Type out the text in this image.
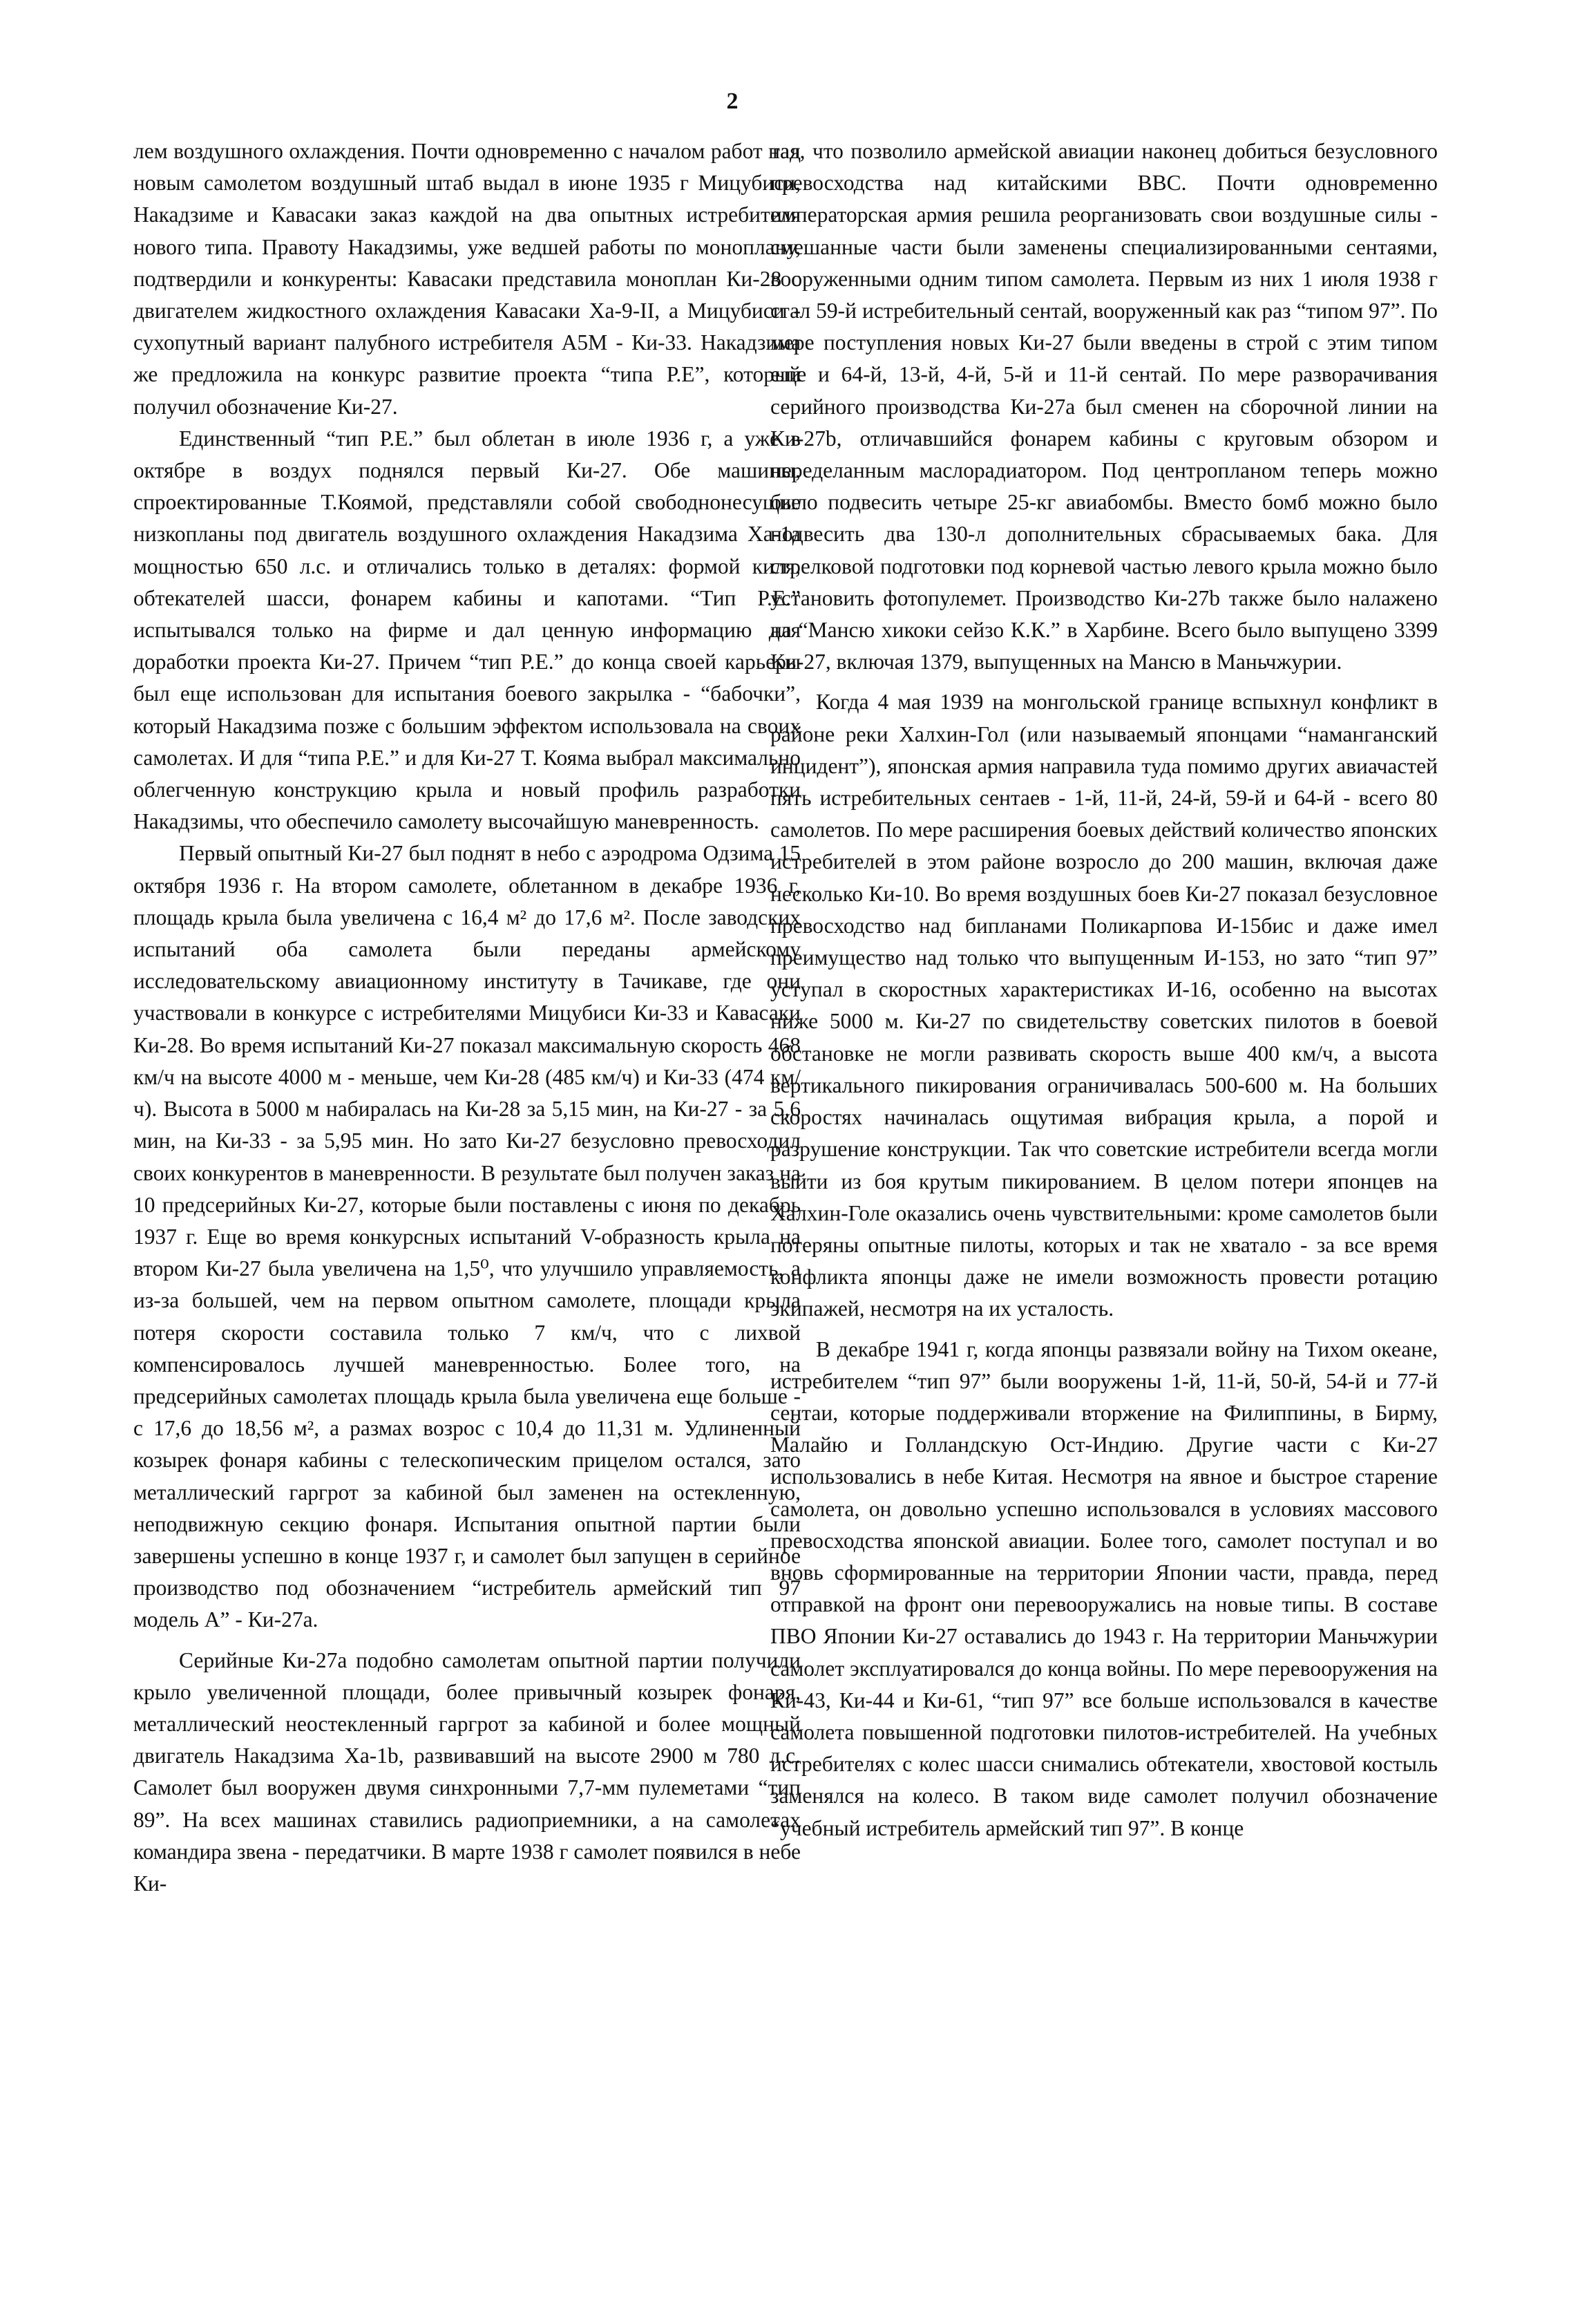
2

лем воздушного охлаждения. Почти одновременно с началом работ над новым самолетом воздушный штаб выдал в июне 1935 г Мицубиси, Накадзиме и Кавасаки заказ каждой на два опытных истребителя нового типа. Правоту Накадзимы, уже ведшей работы по моноплану, подтвердили и конкуренты: Кавасаки представила моноплан Ки-28 с двигателем жидкостного охлаждения Кавасаки Ха-9-II, а Мицубиси - сухопутный вариант палубного истребителя А5М - Ки-33. Накадзима же предложила на конкурс развитие проекта “типа Р.Е”, который получил обозначение Ки-27.

Единственный “тип Р.Е.” был облетан в июле 1936 г, а уже в октябре в воздух поднялся первый Ки-27. Обе машины, спроектированные Т.Коямой, представляли собой свободнонесущие низкопланы под двигатель воздушного охлаждения Накадзима Ха-1а мощностью 650 л.с. и отличались только в деталях: формой киля, обтекателей шасси, фонарем кабины и капотами. “Тип Р.Е.” испытывался только на фирме и дал ценную информацию для доработки проекта Ки-27. Причем “тип Р.Е.” до конца своей карьеры был еще использован для испытания боевого закрылка - “бабочки”, который Накадзима позже с большим эффектом использовала на своих самолетах. И для “типа Р.Е.” и для Ки-27 Т. Коямa выбрал максимально облегченную конструкцию крыла и новый профиль разработки Накадзимы, что обеспечило самолету высочайшую маневренность.

Первый опытный Ки-27 был поднят в небо с аэродрома Одзима 15 октября 1936 г. На втором самолете, облетанном в декабре 1936 г, площадь крыла была увеличена с 16,4 м² до 17,6 м². После заводских испытаний оба самолета были переданы армейскому исследовательскому авиационному институту в Тачикаве, где они участвовали в конкурсе с истребителями Мицубиси Ки-33 и Кавасаки Ки-28. Во время испытаний Ки-27 показал максимальную скорость 468 км/ч на высоте 4000 м - меньше, чем Ки-28 (485 км/ч) и Ки-33 (474 км/ч). Высота в 5000 м набиралась на Ки-28 за 5,15 мин, на Ки-27 - за 5,6 мин, на Ки-33 - за 5,95 мин. Но зато Ки-27 безусловно превосходил своих конкурентов в маневренности. В результате был получен заказ на 10 предсерийных Ки-27, которые были поставлены с июня по декабрь 1937 г. Еще во время конкурсных испытаний V-образность крыла на втором Ки-27 была увеличена на 1,5⁰, что улучшило управляемость, а из-за большей, чем на первом опытном самолете, площади крыла потеря скорости составила только 7 км/ч, что с лихвой компенсировалось лучшей маневренностью. Более того, на предсерийных самолетах площадь крыла была увеличена еще больше - с 17,6 до 18,56 м², а размах возрос с 10,4 до 11,31 м. Удлиненный козырек фонаря кабины с телескопическим прицелом остался, зато металлический гаргрот за кабиной был заменен на остекленную, неподвижную секцию фонаря. Испытания опытной партии были завершены успешно в конце 1937 г, и самолет был запущен в серийное производство под обозначением “истребитель армейский тип 97 модель А” - Ки-27а.

Серийные Ки-27а подобно самолетам опытной партии получили крыло увеличенной площади, более привычный козырек фонаря, металлический неостекленный гаргрот за кабиной и более мощный двигатель Накадзима Ха-1b, развивавший на высоте 2900 м 780 л.с. Самолет был вооружен двумя синхронными 7,7-мм пулеметами “тип 89”. На всех машинах ставились радиоприемники, а на самолетах командира звена - передатчики. В марте 1938 г самолет появился в небе Ки-

тая, что позволило армейской авиации наконец добиться безусловного превосходства над китайскими ВВС. Почти одновременно императорская армия решила реорганизовать свои воздушные силы - смешанные части были заменены специализированными сентаями, вооруженными одним типом самолета. Первым из них 1 июля 1938 г стал 59-й истребительный сентай, вооруженный как раз “типом 97”. По мере поступления новых Ки-27 были введены в строй с этим типом еще и 64-й, 13-й, 4-й, 5-й и 11-й сентай. По мере разворачивания серийного производства Ки-27а был сменен на сборочной линии на Ки-27b, отличавшийся фонарем кабины с круговым обзором и переделанным маслорадиатором. Под центропланом теперь можно было подвесить четыре 25-кг авиабомбы. Вместо бомб можно было подвесить два 130-л дополнительных сбрасываемых бака. Для стрелковой подготовки под корневой частью левого крыла можно было установить фотопулемет. Производство Ки-27b также было налажено на “Мансю хикоки сейзо К.К.” в Харбине. Всего было выпущено 3399 Ки-27, включая 1379, выпущенных на Мансю в Маньчжурии.

Когда 4 мая 1939 на монгольской границе вспыхнул конфликт в районе реки Халхин-Гол (или называемый японцами “наманганский инцидент”), японская армия направила туда помимо других авиачастей пять истребительных сентаев - 1-й, 11-й, 24-й, 59-й и 64-й - всего 80 самолетов. По мере расширения боевых действий количество японских истребителей в этом районе возросло до 200 машин, включая даже несколько Ки-10. Во время воздушных боев Ки-27 показал безусловное превосходство над бипланами Поликарпова И-15бис и даже имел преимущество над только что выпущенным И-153, но зато “тип 97” уступал в скоростных характеристиках И-16, особенно на высотах ниже 5000 м. Ки-27 по свидетельству советских пилотов в боевой обстановке не могли развивать скорость выше 400 км/ч, а высота вертикального пикирования ограничивалась 500-600 м. На больших скоростях начиналась ощутимая вибрация крыла, а порой и разрушение конструкции. Так что советские истребители всегда могли выйти из боя крутым пикированием. В целом потери японцев на Халхин-Голе оказались очень чувствительными: кроме самолетов были потеряны опытные пилоты, которых и так не хватало - за все время конфликта японцы даже не имели возможность провести ротацию экипажей, несмотря на их усталость.

В декабре 1941 г, когда японцы развязали войну на Тихом океане, истребителем “тип 97” были вооружены 1-й, 11-й, 50-й, 54-й и 77-й сентаи, которые поддерживали вторжение на Филиппины, в Бирму, Малайю и Голландскую Ост-Индию. Другие части с Ки-27 использовались в небе Китая. Несмотря на явное и быстрое старение самолета, он довольно успешно использовался в условиях массового превосходства японской авиации. Более того, самолет поступал и во вновь сформированные на территории Японии части, правда, перед отправкой на фронт они перевооружались на новые типы. В составе ПВО Японии Ки-27 оставались до 1943 г. На территории Маньчжурии самолет эксплуатировался до конца войны. По мере перевооружения на Ки-43, Ки-44 и Ки-61, “тип 97” все больше использовался в качестве самолета повышенной подготовки пилотов-истребителей. На учебных истребителях с колес шасси снимались обтекатели, хвостовой костыль заменялся на колесо. В таком виде самолет получил обозначение “учебный истребитель армейский тип 97”. В конце
